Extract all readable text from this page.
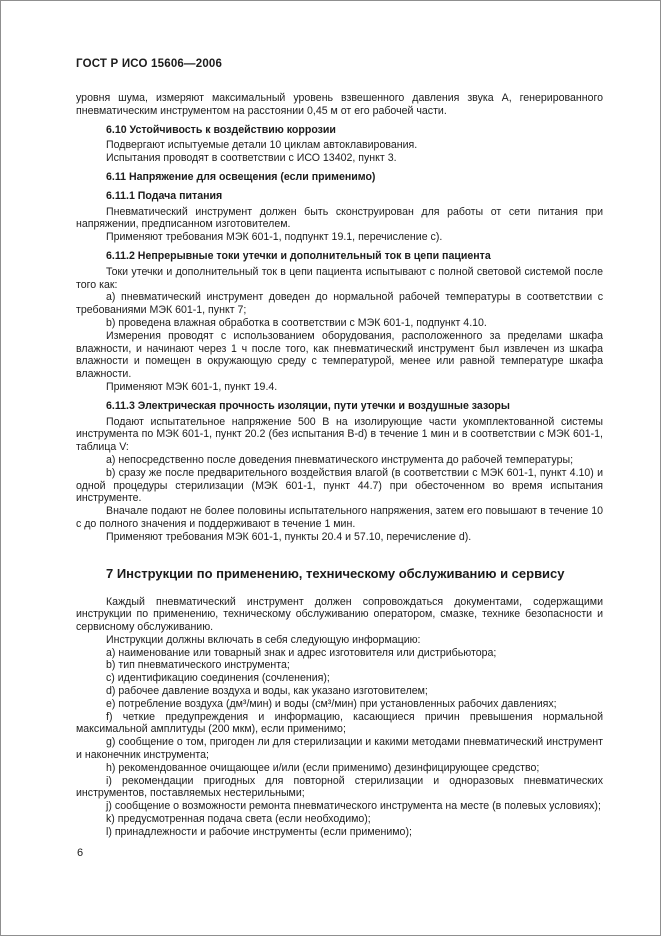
ГОСТ Р ИСО 15606—2006

уровня шума, измеряют максимальный уровень взвешенного давления звука А, генерированного пневматическим инструментом на расстоянии 0,45 м от его рабочей части.

6.10 Устойчивость к воздействию коррозии

Подвергают испытуемые детали 10 циклам автоклавирования.

Испытания проводят в соответствии с ИСО 13402, пункт 3.

6.11 Напряжение для освещения (если применимо)

6.11.1 Подача питания

Пневматический инструмент должен быть сконструирован для работы от сети питания при напряжении, предписанном изготовителем.

Применяют требования МЭК 601-1, подпункт 19.1, перечисление с).

6.11.2 Непрерывные токи утечки и дополнительный ток в цепи пациента

Токи утечки и дополнительный ток в цепи пациента испытывают с полной световой системой после того как:

a) пневматический инструмент доведен до нормальной рабочей температуры в соответствии с требованиями МЭК 601-1, пункт 7;

b) проведена влажная обработка в соответствии с МЭК 601-1, подпункт 4.10.

Измерения проводят с использованием оборудования, расположенного за пределами шкафа влажности, и начинают через 1 ч после того, как пневматический инструмент был извлечен из шкафа влажности и помещен в окружающую среду с температурой, менее или равной температуре шкафа влажности.

Применяют МЭК 601-1, пункт 19.4.

6.11.3 Электрическая прочность изоляции, пути утечки и воздушные зазоры

Подают испытательное напряжение 500 В на изолирующие части укомплектованной системы инструмента по МЭК 601-1, пункт 20.2 (без испытания B-d) в течение 1 мин и в соответствии с МЭК 601-1, таблица V:

a) непосредственно после доведения пневматического инструмента до рабочей температуры;

b) сразу же после предварительного воздействия влагой (в соответствии с МЭК 601-1, пункт 4.10) и одной процедуры стерилизации (МЭК 601-1, пункт 44.7) при обесточенном во время испытания инструменте.

Вначале подают не более половины испытательного напряжения, затем его повышают в течение 10 с до полного значения и поддерживают в течение 1 мин.

Применяют требования МЭК 601-1, пункты 20.4 и 57.10, перечисление d).

7 Инструкции по применению, техническому обслуживанию и сервису

Каждый пневматический инструмент должен сопровождаться документами, содержащими инструкции по применению, техническому обслуживанию оператором, смазке, технике безопасности и сервисному обслуживанию.

Инструкции должны включать в себя следующую информацию:

a) наименование или товарный знак и адрес изготовителя или дистрибьютора;

b) тип пневматического инструмента;

c) идентификацию соединения (сочленения);

d) рабочее давление воздуха и воды, как указано изготовителем;

e) потребление воздуха (дм³/мин) и воды (см³/мин) при установленных рабочих давлениях;

f) четкие предупреждения и информацию, касающиеся причин превышения нормальной максимальной амплитуды (200 мкм), если применимо;

g) сообщение о том, пригоден ли для стерилизации и какими методами пневматический инструмент и наконечник инструмента;

h) рекомендованное очищающее и/или (если применимо) дезинфицирующее средство;

i) рекомендации пригодных для повторной стерилизации и одноразовых пневматических инструментов, поставляемых нестерильными;

j) сообщение о возможности ремонта пневматического инструмента на месте (в полевых условиях);

k) предусмотренная подача света (если необходимо);

l) принадлежности и рабочие инструменты (если применимо);

6
